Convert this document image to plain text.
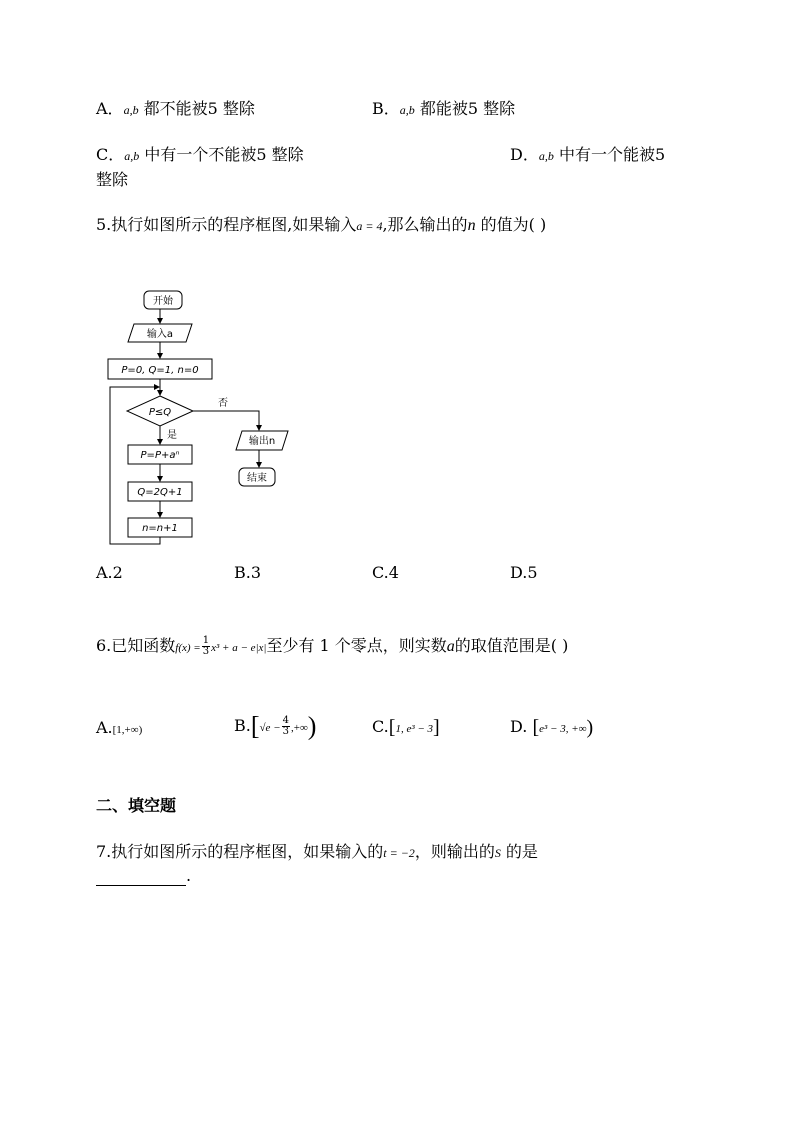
A．a,b 都不能被5 整除	B．a,b 都能被5 整除
C．a,b 中有一个不能被5 整除	D．a,b 中有一个能被5
整除
5.执行如图所示的程序框图,如果输入a = 4,那么输出的n 的值为( )
开始
输入a
P=0, Q=1, n=0
P≤Q
否
是
P=P+aⁿ
Q=2Q+1
n=n+1
输出n
结束
A.2	B.3	C.4	D.5
6.已知函数$f(x) = \frac{1}{3} x^3 + a - e|x|$至少有 1 个零点，则实数a的取值范围是( )
A.[1,+∞)	$B.[√e - \frac{4}{3}$ ,+∞)	C.[1, e³ − 3]	D. [e³ − 3, +∞)
二、填空题
7.执行如图所示的程序框图，如果输入的t = −2，则输出的S 的是
.
